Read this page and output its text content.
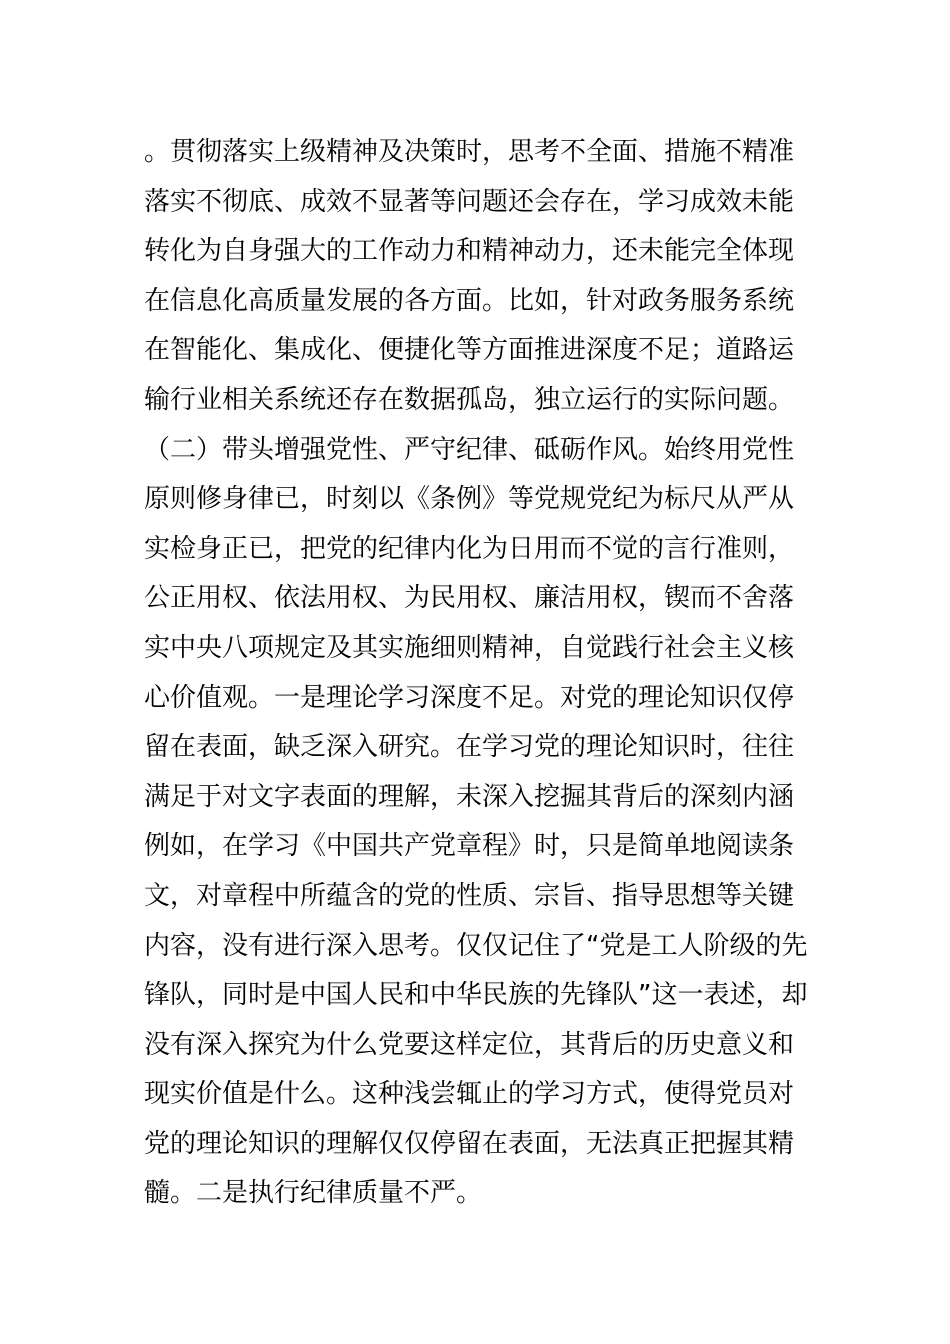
。贯彻落实上级精神及决策时，思考不全面、措施不精准
落实不彻底、成效不显著等问题还会存在，学习成效未能
转化为自身强大的工作动力和精神动力，还未能完全体现
在信息化高质量发展的各方面。比如，针对政务服务系统
在智能化、集成化、便捷化等方面推进深度不足；道路运
输行业相关系统还存在数据孤岛，独立运行的实际问题。
（二）带头增强党性、严守纪律、砥砺作风。始终用党性
原则修身律已，时刻以《条例》等党规党纪为标尺从严从
实检身正已，把党的纪律内化为日用而不觉的言行准则，
公正用权、依法用权、为民用权、廉洁用权，锲而不舍落
实中央八项规定及其实施细则精神，自觉践行社会主义核
心价值观。一是理论学习深度不足。对党的理论知识仅停
留在表面，缺乏深入研究。在学习党的理论知识时，往往
满足于对文字表面的理解，未深入挖掘其背后的深刻内涵
例如，在学习《中国共产党章程》时，只是简单地阅读条
文，对章程中所蕴含的党的性质、宗旨、指导思想等关键
内容，没有进行深入思考。仅仅记住了“党是工人阶级的先
锋队，同时是中国人民和中华民族的先锋队”这一表述，却
没有深入探究为什么党要这样定位，其背后的历史意义和
现实价值是什么。这种浅尝辄止的学习方式，使得党员对
党的理论知识的理解仅仅停留在表面，无法真正把握其精
髓。二是执行纪律质量不严。
